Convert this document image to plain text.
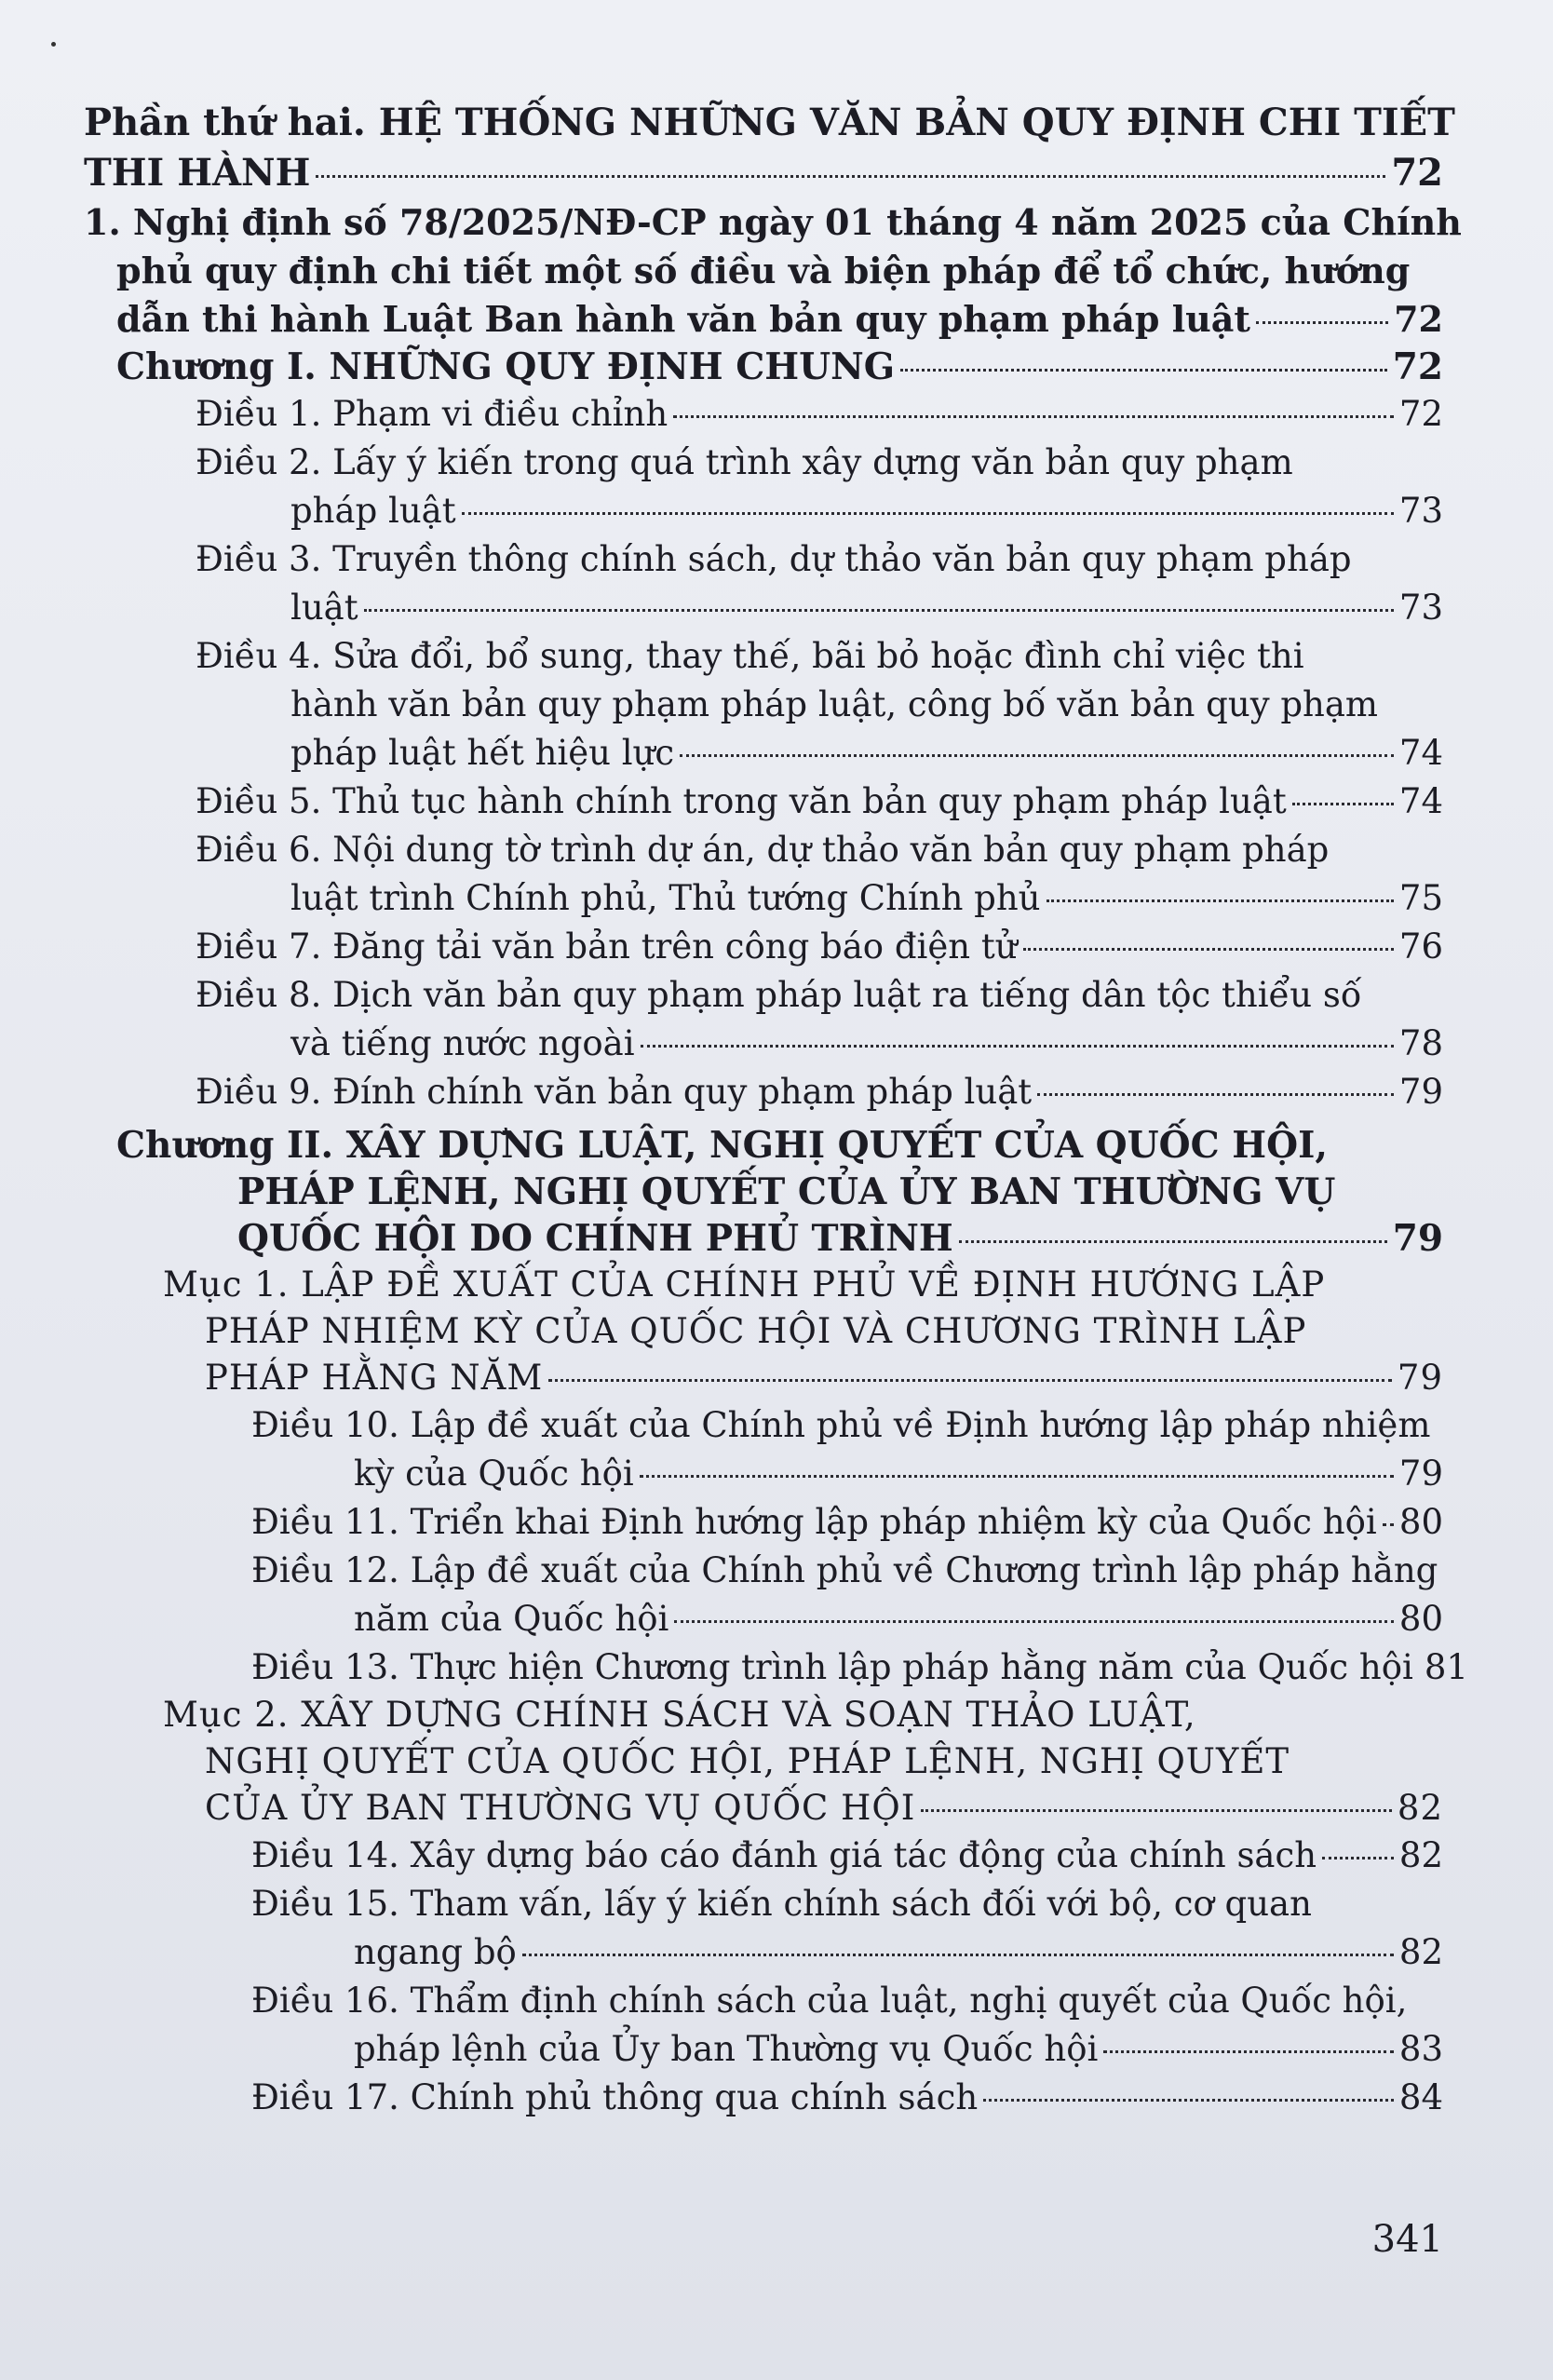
Phần thứ hai. HỆ THỐNG NHỮNG VĂN BẢN QUY ĐỊNH CHI TIẾT
THI HÀNH	72
1. Nghị định số 78/2025/NĐ-CP ngày 01 tháng 4 năm 2025 của Chính
phủ quy định chi tiết một số điều và biện pháp để tổ chức, hướng
dẫn thi hành Luật Ban hành văn bản quy phạm pháp luật	72
Chương I. NHỮNG QUY ĐỊNH CHUNG	72
Điều 1. Phạm vi điều chỉnh	72
Điều 2. Lấy ý kiến trong quá trình xây dựng văn bản quy phạm
pháp luật	73
Điều 3. Truyền thông chính sách, dự thảo văn bản quy phạm pháp
luật	73
Điều 4. Sửa đổi, bổ sung, thay thế, bãi bỏ hoặc đình chỉ việc thi
hành văn bản quy phạm pháp luật, công bố văn bản quy phạm
pháp luật hết hiệu lực	74
Điều 5. Thủ tục hành chính trong văn bản quy phạm pháp luật	74
Điều 6. Nội dung tờ trình dự án, dự thảo văn bản quy phạm pháp
luật trình Chính phủ, Thủ tướng Chính phủ	75
Điều 7. Đăng tải văn bản trên công báo điện tử	76
Điều 8. Dịch văn bản quy phạm pháp luật ra tiếng dân tộc thiểu số
và tiếng nước ngoài	78
Điều 9. Đính chính văn bản quy phạm pháp luật	79
Chương II. XÂY DỰNG LUẬT, NGHỊ QUYẾT CỦA QUỐC HỘI,
PHÁP LỆNH, NGHỊ QUYẾT CỦA ỦY BAN THƯỜNG VỤ
QUỐC HỘI DO CHÍNH PHỦ TRÌNH	79
Mục 1. LẬP ĐỀ XUẤT CỦA CHÍNH PHỦ VỀ ĐỊNH HƯỚNG LẬP
PHÁP NHIỆM KỲ CỦA QUỐC HỘI VÀ CHƯƠNG TRÌNH LẬP
PHÁP HẰNG NĂM	79
Điều 10. Lập đề xuất của Chính phủ về Định hướng lập pháp nhiệm
kỳ của Quốc hội	79
Điều 11. Triển khai Định hướng lập pháp nhiệm kỳ của Quốc hội 80
Điều 12. Lập đề xuất của Chính phủ về Chương trình lập pháp hằng
năm của Quốc hội	80
Điều 13. Thực hiện Chương trình lập pháp hằng năm của Quốc hội 81
Mục 2. XÂY DỰNG CHÍNH SÁCH VÀ SOẠN THẢO LUẬT,
NGHỊ QUYẾT CỦA QUỐC HỘI, PHÁP LỆNH, NGHỊ QUYẾT
CỦA ỦY BAN THƯỜNG VỤ QUỐC HỘI	82
Điều 14. Xây dựng báo cáo đánh giá tác động của chính sách 82
Điều 15. Tham vấn, lấy ý kiến chính sách đối với bộ, cơ quan
ngang bộ	82
Điều 16. Thẩm định chính sách của luật, nghị quyết của Quốc hội,
pháp lệnh của Ủy ban Thường vụ Quốc hội	83
Điều 17. Chính phủ thông qua chính sách	84
341
